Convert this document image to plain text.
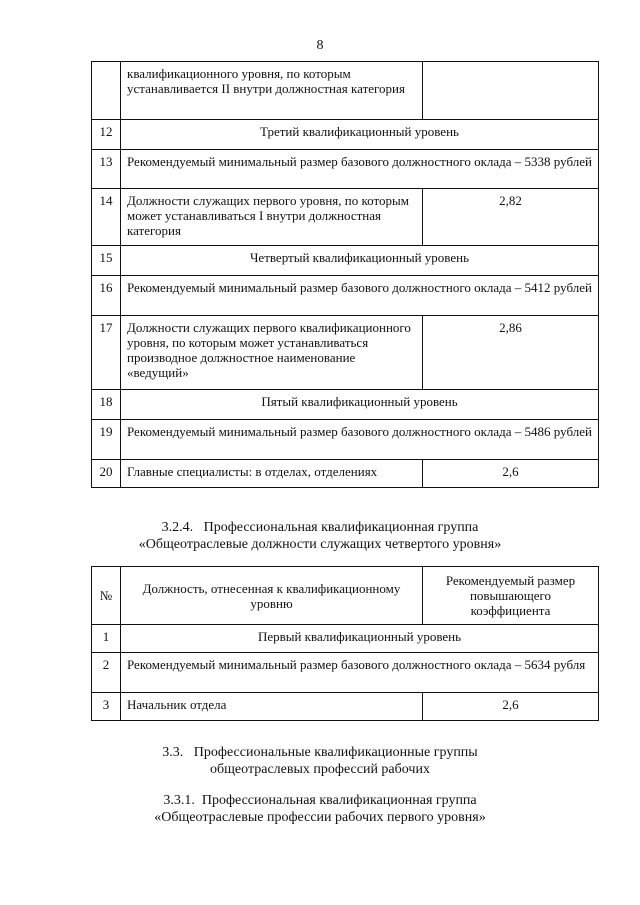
8
	квалификационного уровня, по которым устанавливается II внутри должностная категория	
12	Третий квалификационный уровень	
13	Рекомендуемый минимальный размер базового должностного оклада – 5338 рублей	
14	Должности служащих первого уровня, по которым может устанавливаться I внутри должностная категория	2,82
15	Четвертый квалификационный уровень	
16	Рекомендуемый минимальный размер базового должностного оклада – 5412 рублей	
17	Должности служащих первого квалификационного уровня, по которым может устанавливаться производное должностное наименование «ведущий»	2,86
18	Пятый квалификационный уровень	
19	Рекомендуемый минимальный размер базового должностного оклада – 5486 рублей	
20	Главные специалисты: в отделах, отделениях	2,6
3.2.4.   Профессиональная квалификационная группа
«Общеотраслевые должности служащих четвертого уровня»
№	Должность, отнесенная к квалификационному уровню	Рекомендуемый размер повышающего коэффициента
1	Первый квалификационный уровень	
2	Рекомендуемый минимальный размер базового должностного оклада – 5634 рубля	
3	Начальник отдела	2,6
3.3.   Профессиональные квалификационные группы
общеотраслевых профессий рабочих
3.3.1.  Профессиональная квалификационная группа
«Общеотраслевые профессии рабочих первого уровня»
